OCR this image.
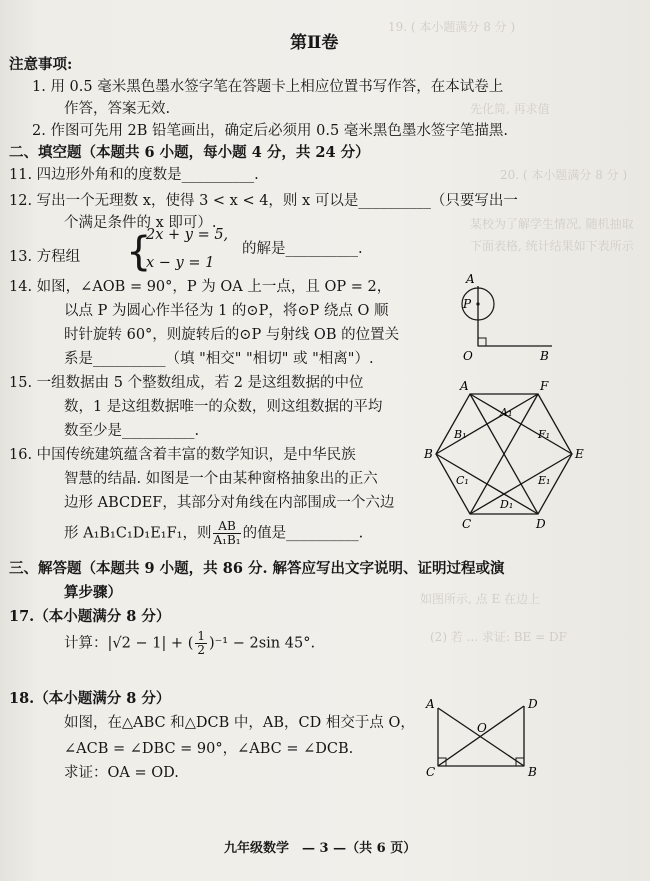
19. ( 本小题满分 8 分 )
先化简, 再求值
20. ( 本小题满分 8 分 )
某校为了解学生情况, 随机抽取
下面表格, 统计结果如下表所示
如图所示, 点 E 在边上
(2) 若 ... 求证: BE = DF
第Ⅱ卷
注意事项:
1. 用 0.5 毫米黑色墨水签字笔在答题卡上相应位置书写作答，在本试卷上
作答，答案无效.
2. 作图可先用 2B 铅笔画出，确定后必须用 0.5 毫米黑色墨水签字笔描黑.
二、填空题（本题共 6 小题，每小题 4 分，共 24 分）
11. 四边形外角和的度数是__________.
12. 写出一个无理数 x，使得 3 < x < 4，则 x 可以是__________（只要写出一
个满足条件的 x 即可）.
13. 方程组 {
2x + y = 5,
x − y = 1
的解是__________.
14. 如图，∠AOB = 90°，P 为 OA 上一点，且 OP = 2，
以点 P 为圆心作半径为 1 的⊙P，将⊙P 绕点 O 顺
时针旋转 60°，则旋转后的⊙P 与射线 OB 的位置关
系是__________（填 "相交" "相切" 或 "相离"）.
A
P
O	B
15. 一组数据由 5 个整数组成，若 2 是这组数据的中位
数，1 是这组数据唯一的众数，则这组数据的平均
数至少是__________.
16. 中国传统建筑蕴含着丰富的数学知识，是中华民族
智慧的结晶. 如图是一个由某种窗格抽象出的正六
边形 ABCDEF，其部分对角线在内部围成一个六边
形 A₁B₁C₁D₁E₁F₁，则 $\frac{AB}{\text{A₁B₁}}$ 的值是__________.
A	F
E
D
C
B
A₁
B₁
C₁
D₁
E₁
F₁
三、解答题（本题共 9 小题，共 86 分. 解答应写出文字说明、证明过程或演
算步骤）
17.（本小题满分 8 分）
计算：|√2 − 1| + ( $\frac{1}{2} )^{-1} - 2\sin$ 45°.
18.（本小题满分 8 分）
如图，在△ABC 和△DCB 中，AB，CD 相交于点 O，
∠ACB = ∠DBC = 90°，∠ABC = ∠DCB.
求证：OA = OD.
A	D
O
C	B
九年级数学　— 3 —（共 6 页）
